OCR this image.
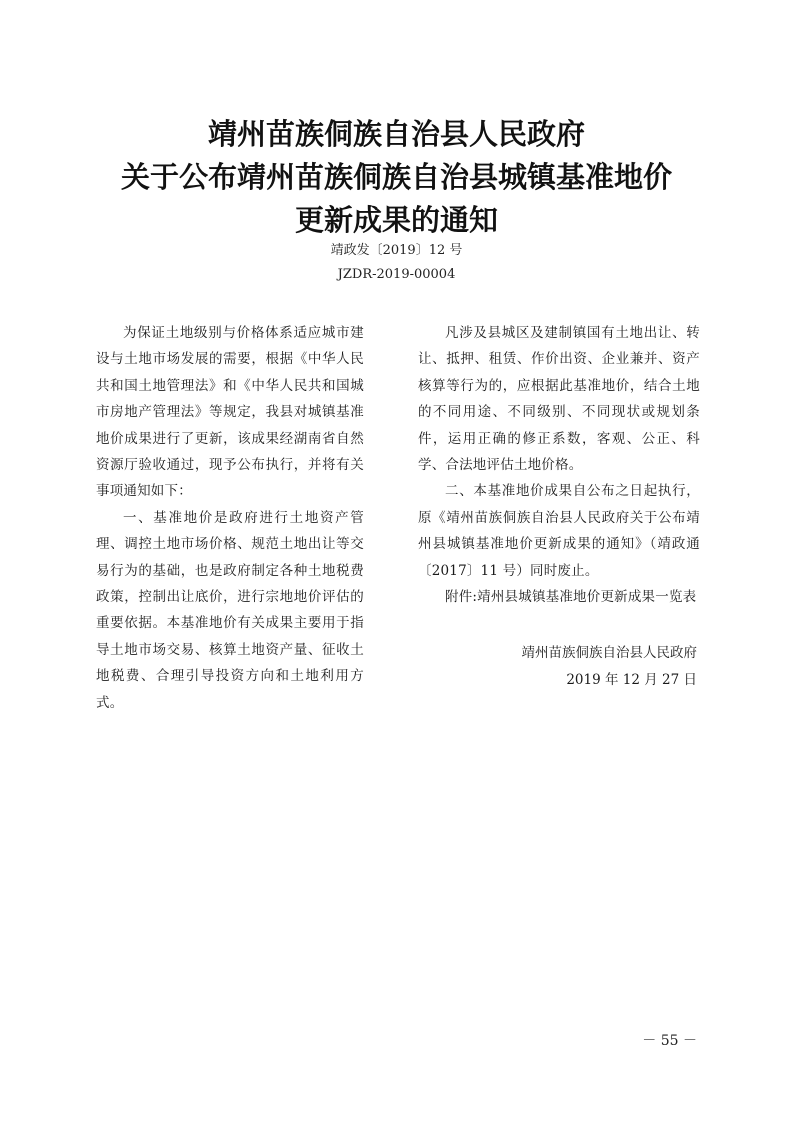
靖州苗族侗族自治县人民政府
关于公布靖州苗族侗族自治县城镇基准地价
更新成果的通知
靖政发〔2019〕12 号
JZDR-2019-00004

为保证土地级别与价格体系适应城市建设与土地市场发展的需要，根据《中华人民共和国土地管理法》和《中华人民共和国城市房地产管理法》等规定，我县对城镇基准地价成果进行了更新，该成果经湖南省自然资源厅验收通过，现予公布执行，并将有关事项通知如下：

一、基准地价是政府进行土地资产管理、调控土地市场价格、规范土地出让等交易行为的基础，也是政府制定各种土地税费政策，控制出让底价，进行宗地地价评估的重要依据。本基准地价有关成果主要用于指导土地市场交易、核算土地资产量、征收土地税费、合理引导投资方向和土地利用方式。

凡涉及县城区及建制镇国有土地出让、转让、抵押、租赁、作价出资、企业兼并、资产核算等行为的，应根据此基准地价，结合土地的不同用途、不同级别、不同现状或规划条件，运用正确的修正系数，客观、公正、科学、合法地评估土地价格。

二、本基准地价成果自公布之日起执行，原《靖州苗族侗族自治县人民政府关于公布靖州县城镇基准地价更新成果的通知》（靖政通〔2017〕11 号）同时废止。

附件:靖州县城镇基准地价更新成果一览表

靖州苗族侗族自治县人民政府
2019 年 12 月 27 日
－ 55 －
